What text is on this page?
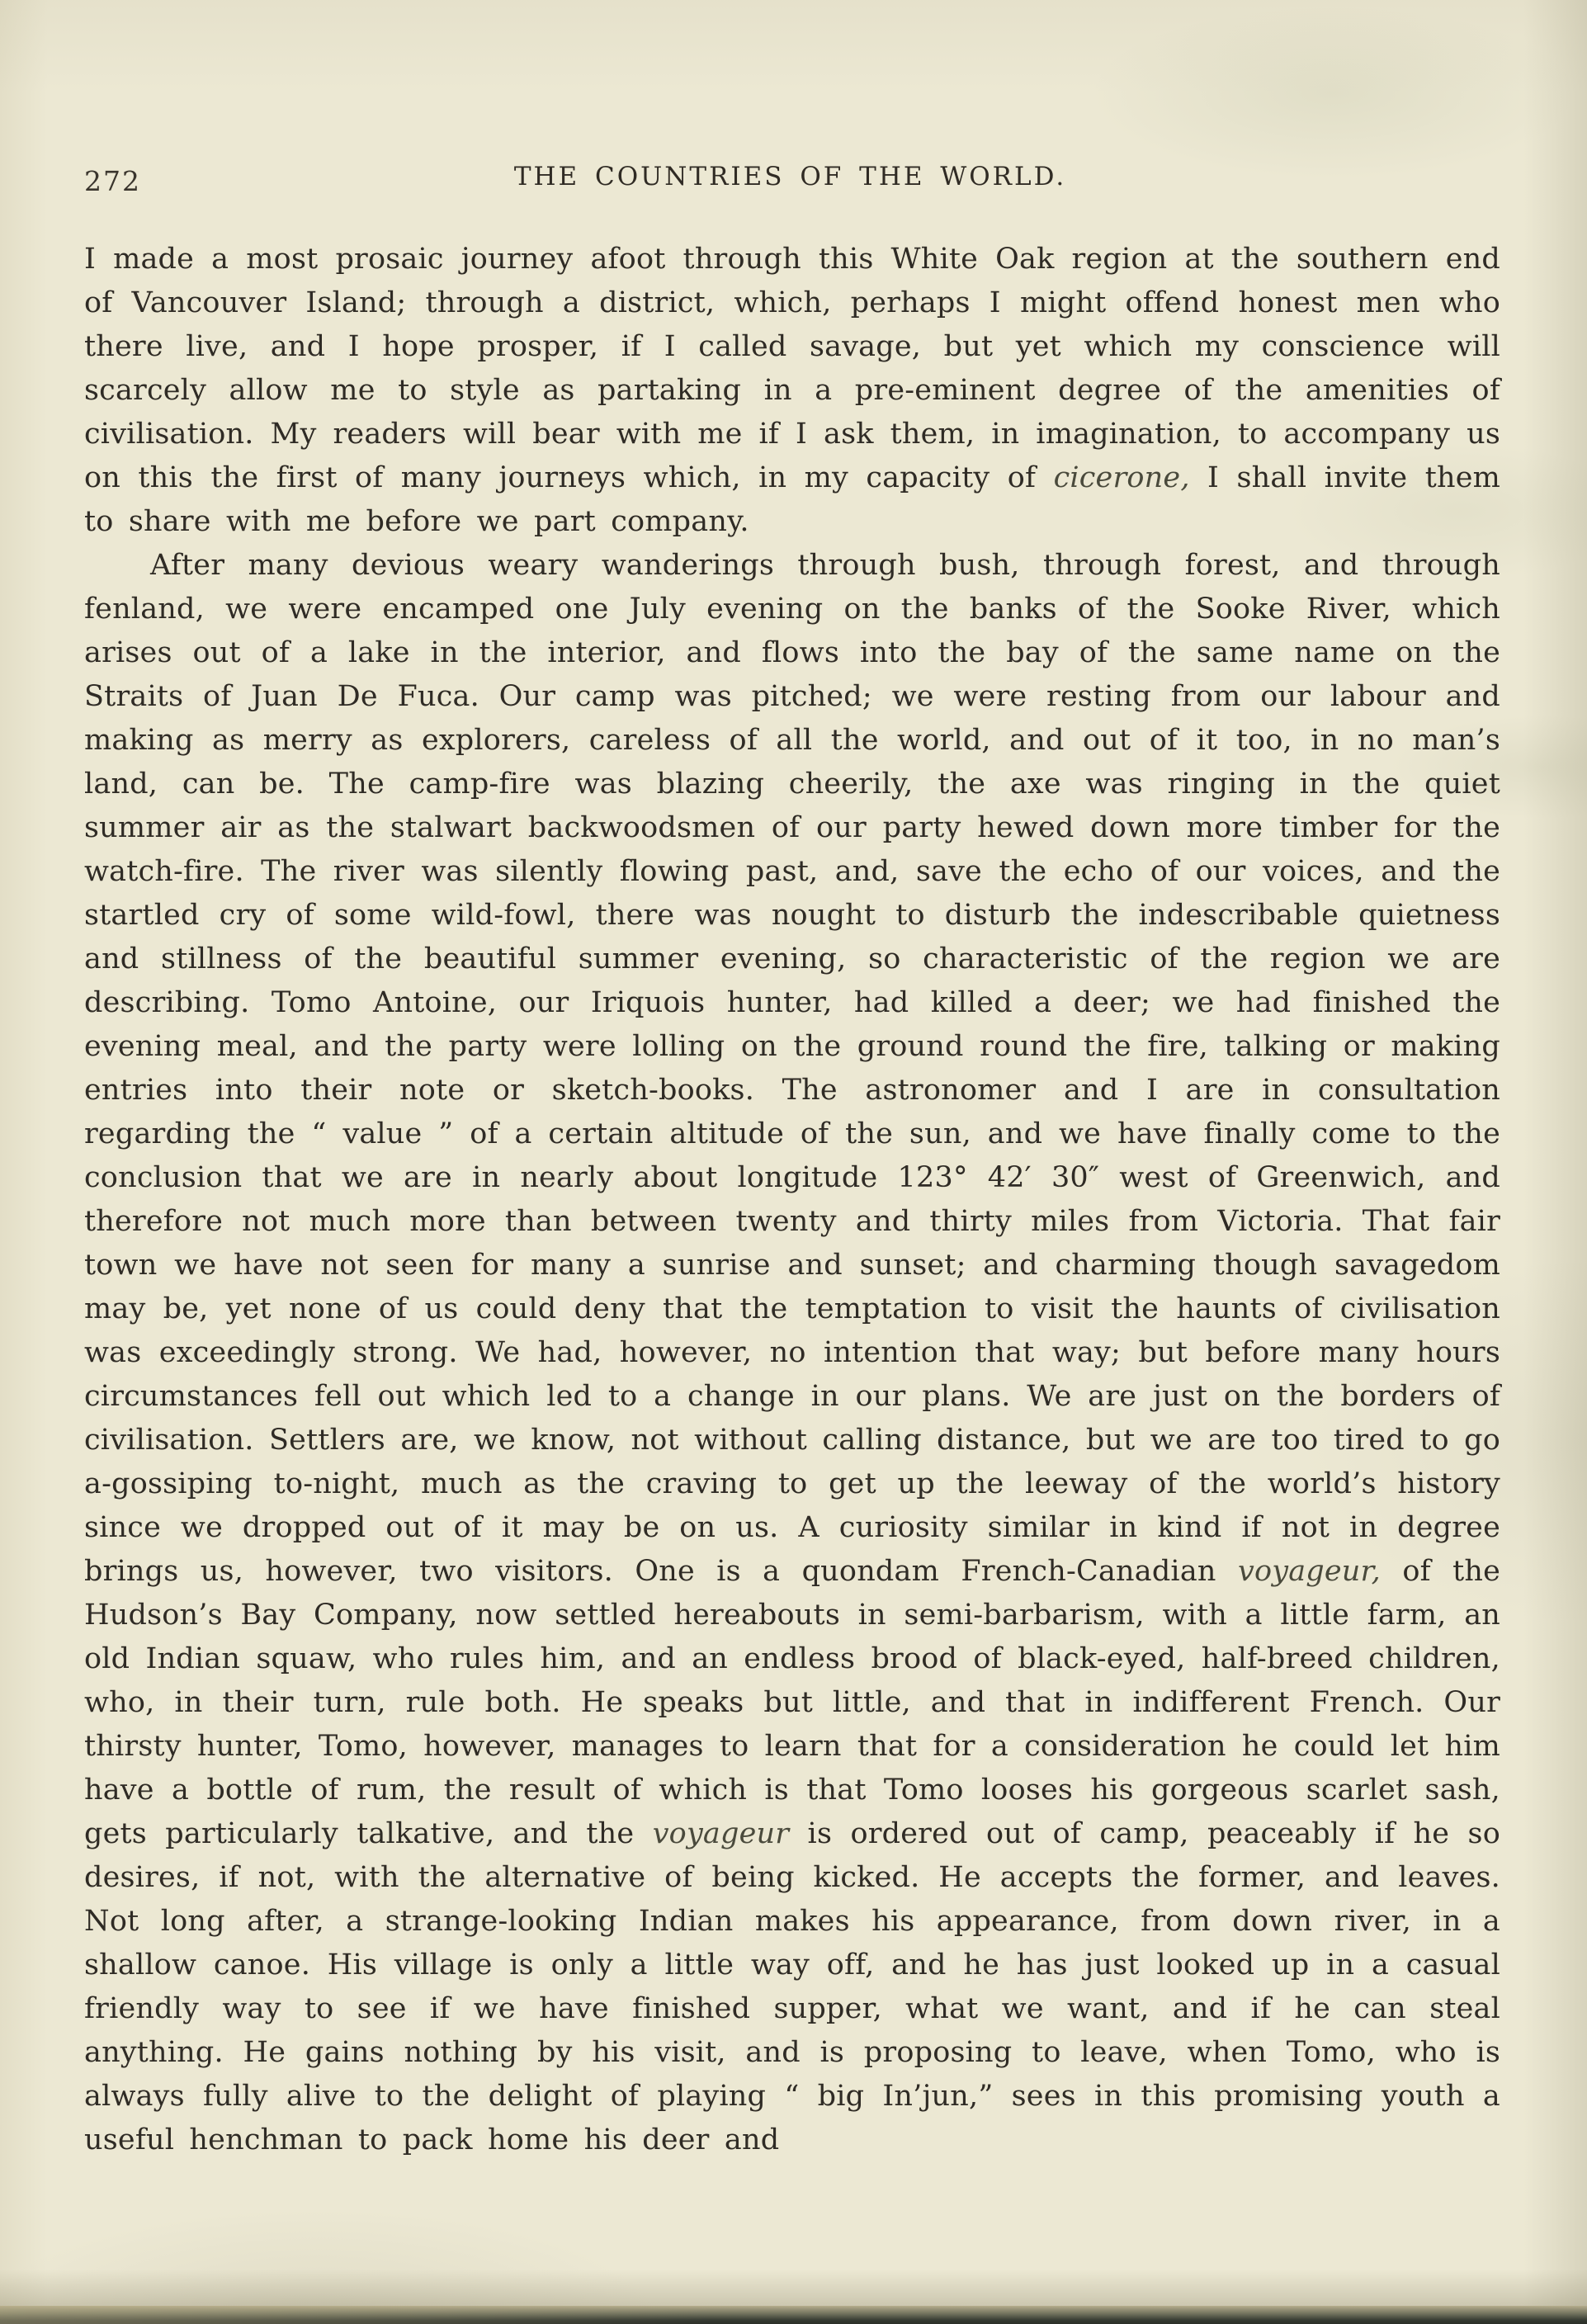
272	THE COUNTRIES OF THE WORLD.

I made a most prosaic journey afoot through this White Oak region at the southern end of Vancouver Island; through a district, which, perhaps I might offend honest men who there live, and I hope prosper, if I called savage, but yet which my conscience will scarcely allow me to style as partaking in a pre-eminent degree of the amenities of civilisation. My readers will bear with me if I ask them, in imagination, to accompany us on this the first of many journeys which, in my capacity of cicerone, I shall invite them to share with me before we part company.

After many devious weary wanderings through bush, through forest, and through fenland, we were encamped one July evening on the banks of the Sooke River, which arises out of a lake in the interior, and flows into the bay of the same name on the Straits of Juan De Fuca. Our camp was pitched; we were resting from our labour and making as merry as explorers, careless of all the world, and out of it too, in no man’s land, can be. The camp-fire was blazing cheerily, the axe was ringing in the quiet summer air as the stalwart backwoodsmen of our party hewed down more timber for the watch-fire. The river was silently flowing past, and, save the echo of our voices, and the startled cry of some wild-fowl, there was nought to disturb the indescribable quietness and stillness of the beautiful summer evening, so characteristic of the region we are describing. Tomo Antoine, our Iriquois hunter, had killed a deer; we had finished the evening meal, and the party were lolling on the ground round the fire, talking or making entries into their note or sketch-books. The astronomer and I are in consultation regarding the “ value ” of a certain altitude of the sun, and we have finally come to the conclusion that we are in nearly about longitude 123° 42′ 30″ west of Greenwich, and therefore not much more than between twenty and thirty miles from Victoria. That fair town we have not seen for many a sunrise and sunset; and charming though savagedom may be, yet none of us could deny that the temptation to visit the haunts of civilisation was exceedingly strong. We had, however, no intention that way; but before many hours circumstances fell out which led to a change in our plans. We are just on the borders of civilisation. Settlers are, we know, not without calling distance, but we are too tired to go a-gossiping to-night, much as the craving to get up the leeway of the world’s history since we dropped out of it may be on us. A curiosity similar in kind if not in degree brings us, however, two visitors. One is a quondam French-Canadian voyageur, of the Hudson’s Bay Company, now settled hereabouts in semi-barbarism, with a little farm, an old Indian squaw, who rules him, and an endless brood of black-eyed, half-breed children, who, in their turn, rule both. He speaks but little, and that in indifferent French. Our thirsty hunter, Tomo, however, manages to learn that for a consideration he could let him have a bottle of rum, the result of which is that Tomo looses his gorgeous scarlet sash, gets particularly talkative, and the voyageur is ordered out of camp, peaceably if he so desires, if not, with the alternative of being kicked. He accepts the former, and leaves. Not long after, a strange-looking Indian makes his appearance, from down river, in a shallow canoe. His village is only a little way off, and he has just looked up in a casual friendly way to see if we have finished supper, what we want, and if he can steal anything. He gains nothing by his visit, and is proposing to leave, when Tomo, who is always fully alive to the delight of playing “ big In’jun,” sees in this promising youth a useful henchman to pack home his deer and
